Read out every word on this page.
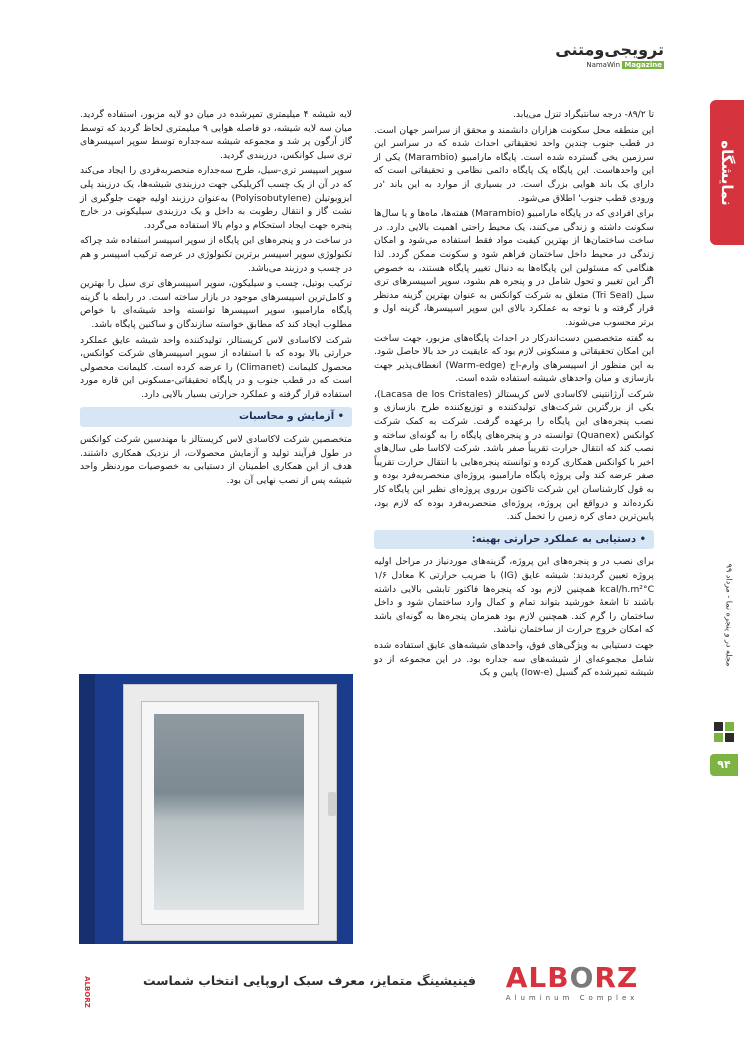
ترویجی‌ومتنی
NamaWin Magazine
نمایشگاه
مجله در و پنجره نما - مرداد ۹۹
۹۴

تا ۸۹/۲- درجه سانتیگراد تنزل می‌یابد.

این منطقه محل سکونت هزاران دانشمند و محقق از سراسر جهان است. در قطب جنوب چندین واحد تحقیقاتی احداث شده که در سراسر این سرزمین یخی گسترده شده است. پایگاه مارامبیو (Marambio) یکی از این واحدهاست. این پایگاه یک پایگاه دائمی نظامی و تحقیقاتی است که دارای یک باند هوایی بزرگ است. در بسیاری از موارد به این باند 'در ورودی قطب جنوب' اطلاق می‌شود.

برای افرادی که در پایگاه مارامبیو (Marambio) هفته‌ها، ماه‌ها و یا سال‌ها سکونت داشته و زندگی می‌کنند، یک محیط راحتی اهمیت بالایی دارد. در ساخت ساختمان‌ها از بهترین کیفیت مواد فقط استفاده می‌شود و امکان زندگی در محیط داخل ساختمان فراهم شود و سکونت ممکن گردد. لذا هنگامی که مسئولین این پایگاه‌ها به دنبال تغییر پایگاه هستند، به خصوص اگر این تغییر و تحول شامل در و پنجره هم بشود، سوپر اسپیسرهای تری سیل (Tri Seal) متعلق به شرکت کوانکس به عنوان بهترین گزینه مدنظر قرار گرفته و با توجه به عملکرد بالای این سوپر اسپیسرها، گزینه اول و برتر محسوب می‌شوند.

به گفته متخصصین دست‌اندرکار در احداث پایگاه‌های مزبور، جهت ساخت این امکان تحقیقاتی و مسکونی لازم بود که عایقیت در حد بالا حاصل شود. به این منظور از اسپیسرهای وارم-اج (Warm-edge) انعطاف‌پذیر جهت بازسازی و میان واحدهای شیشه استفاده شده است.

شرکت آرژانتینی لاکاسادی لاس کریستالز (Lacasa de los Cristales)، یکی از بزرگترین شرکت‌های تولیدکننده و توزیع‌کننده طرح بازسازی و نصب پنجره‌های این پایگاه را برعهده گرفت. شرکت به کمک شرکت کوانکس (Quanex) توانسته در و پنجره‌های پایگاه را به گونه‌ای ساخته و نصب کند که انتقال حرارت تقریباً صفر باشد. شرکت لاکاسا طی سال‌های اخیر با کوانکس همکاری کرده و توانسته پنجره‌هایی با انتقال حرارت تقریباً صفر عرضه کند ولی پروژه پایگاه مارامبیو، پروژه‌ای منحصربه‌فرد بوده و به قول کارشناسان این شرکت تاکنون برروی پروژه‌ای نظیر این پایگاه کار نکرده‌اند و درواقع این پروژه، پروژه‌ای منحصربه‌فرد بوده که لازم بود، پایین‌ترین دمای کره زمین را تحمل کند.

• دستیابی به عملکرد حرارتی بهینه:

برای نصب در و پنجره‌های این پروژه، گزینه‌های موردنیاز در مراحل اولیه پروژه تعیین گردیدند: شیشه عایق (IG) با ضریب حرارتی K معادل ۱/۶ kcal/h.m²°C همچنین لازم بود که پنجره‌ها فاکتور تابشی بالایی داشته باشند تا اشعهٔ خورشید بتواند تمام و کمال وارد ساختمان شود و داخل ساختمان را گرم کند. همچنین لازم بود همزمان پنجره‌ها به گونه‌ای باشد که امکان خروج حرارت از ساختمان نباشد.

جهت دستیابی به ویژگی‌های فوق، واحدهای شیشه‌های عایق استفاده شده شامل مجموعه‌ای از شیشه‌های سه جداره بود. در این مجموعه از دو شیشه تمپرشده کم گسیل (low-e) پایین و یک

لایه شیشه ۴ میلیمتری تمپرشده در میان دو لایه مزبور، استفاده گردید. میان سه لایه شیشه، دو فاصله هوایی ۹ میلیمتری لحاظ گردید که توسط گاز آرگون پر شد و مجموعه شیشه سه‌جداره توسط سوپر اسپیسرهای تری سیل کوانکس، درزبندی گردید.

سوپر اسپیسر تری-سیل، طرح سه‌جداره منحصربه‌فردی را ایجاد می‌کند که در آن از یک چسب آکریلیکی جهت درزبندی شیشه‌ها، یک درزبند پلی ایزوبوتیلن (Polyisobutylene) به‌عنوان درزبند اولیه جهت جلوگیری از نشت گاز و انتقال رطوبت به داخل و یک درزبندی سیلیکونی در خارج پنجره جهت ایجاد استحکام و دوام بالا استفاده می‌گردد.

در ساخت در و پنجره‌های این پایگاه از سوپر اسپیسر استفاده شد چراکه تکنولوژی سوپر اسپیسر برترین تکنولوژی در عرصه ترکیب اسپیسر و هم در چسب و درزبند می‌باشد.

ترکیب بوتیل، چسب و سیلیکون، سوپر اسپیسرهای تری سیل را بهترین و کامل‌ترین اسپیسرهای موجود در بازار ساخته است. در رابطه با گزینه پایگاه مارامبیو، سوپر اسپیسرها توانسته واحد شیشه‌ای با خواص مطلوب ایجاد کند که مطابق خواسته سازندگان و ساکنین پایگاه باشد.

شرکت لاکاسادی لاس کریستالز، تولیدکننده واحد شیشه عایق عملکرد حرارتی بالا بوده که با استفاده از سوپر اسپیسرهای شرکت کوانکس، محصول کلیمانت (Climanet) را عرضه کرده است. کلیمانت محصولی است که در قطب جنوب و در پایگاه تحقیقاتی-مسکونی این قاره مورد استفاده قرار گرفته و عملکرد حرارتی بسیار بالایی دارد.

• آزمایش و محاسبات

متخصصین شرکت لاکاسادی لاس کریستالز با مهندسین شرکت کوانکس در طول فرآیند تولید و آزمایش محصولات، از نزدیک همکاری داشتند. هدف از این همکاری اطمینان از دستیابی به خصوصیات موردنظر واحد شیشه پس از نصب نهایی آن بود.

ALBORZ	فینیشینگ متمایز، معرف سبک اروپایی انتخاب شماست	ALBORZ
Aluminum Complex
